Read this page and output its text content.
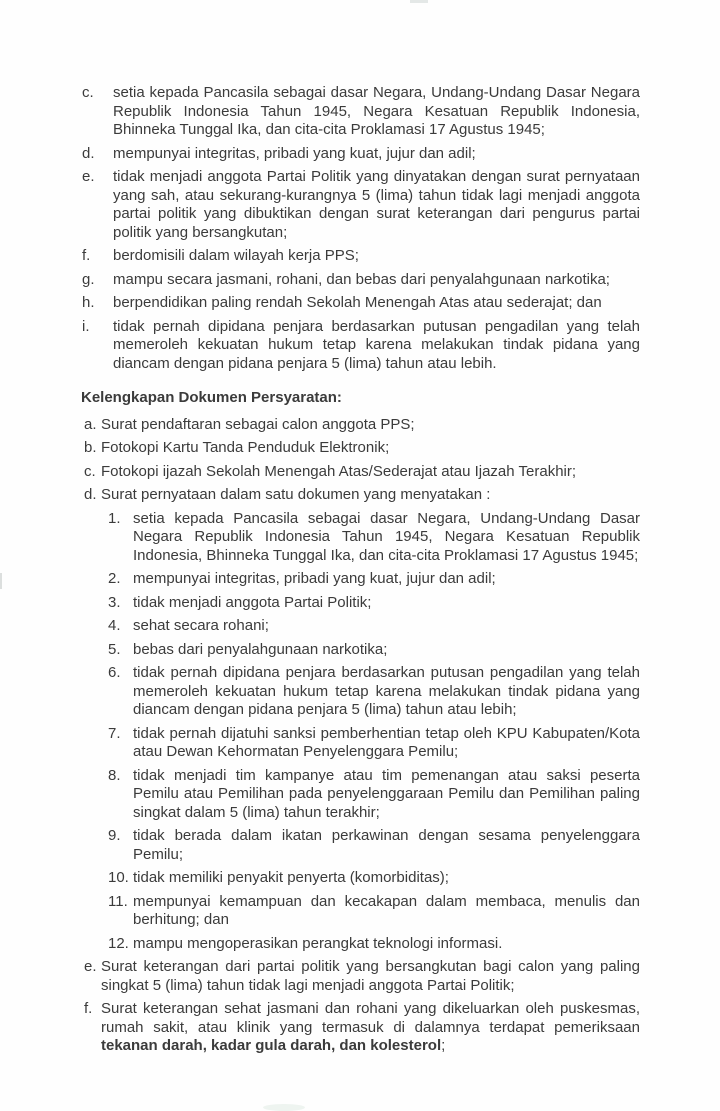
c.	setia kepada Pancasila sebagai dasar Negara, Undang-Undang Dasar Negara Republik Indonesia Tahun 1945, Negara Kesatuan Republik Indonesia, Bhinneka Tunggal Ika, dan cita-cita Proklamasi 17 Agustus 1945;
d.	mempunyai integritas, pribadi yang kuat, jujur dan adil;
e.	tidak menjadi anggota Partai Politik yang dinyatakan dengan surat pernyataan yang sah, atau sekurang-kurangnya 5 (lima) tahun tidak lagi menjadi anggota partai politik yang dibuktikan dengan surat keterangan dari pengurus partai politik yang bersangkutan;
f.	berdomisili dalam wilayah kerja PPS;
g.	mampu secara jasmani, rohani, dan bebas dari penyalahgunaan narkotika;
h.	berpendidikan paling rendah Sekolah Menengah Atas atau sederajat; dan
i.	tidak pernah dipidana penjara berdasarkan putusan pengadilan yang telah memeroleh kekuatan hukum tetap karena melakukan tindak pidana yang diancam dengan pidana penjara 5 (lima) tahun atau lebih.
Kelengkapan Dokumen Persyaratan:
a. Surat pendaftaran sebagai calon anggota PPS;
b. Fotokopi Kartu Tanda Penduduk Elektronik;
c. Fotokopi ijazah Sekolah Menengah Atas/Sederajat atau Ijazah Terakhir;
d. Surat pernyataan dalam satu dokumen yang menyatakan :
1. setia kepada Pancasila sebagai dasar Negara, Undang-Undang Dasar Negara Republik Indonesia Tahun 1945, Negara Kesatuan Republik Indonesia, Bhinneka Tunggal Ika, dan cita-cita Proklamasi 17 Agustus 1945;
2. mempunyai integritas, pribadi yang kuat, jujur dan adil;
3. tidak menjadi anggota Partai Politik;
4. sehat secara rohani;
5. bebas dari penyalahgunaan narkotika;
6. tidak pernah dipidana penjara berdasarkan putusan pengadilan yang telah memeroleh kekuatan hukum tetap karena melakukan tindak pidana yang diancam dengan pidana penjara 5 (lima) tahun atau lebih;
7. tidak pernah dijatuhi sanksi pemberhentian tetap oleh KPU Kabupaten/Kota atau Dewan Kehormatan Penyelenggara Pemilu;
8. tidak menjadi tim kampanye atau tim pemenangan atau saksi peserta Pemilu atau Pemilihan pada penyelenggaraan Pemilu dan Pemilihan paling singkat dalam 5 (lima) tahun terakhir;
9. tidak berada dalam ikatan perkawinan dengan sesama penyelenggara Pemilu;
10. tidak memiliki penyakit penyerta (komorbiditas);
11. mempunyai kemampuan dan kecakapan dalam membaca, menulis dan berhitung; dan
12. mampu mengoperasikan perangkat teknologi informasi.
e. Surat keterangan dari partai politik yang bersangkutan bagi calon yang paling singkat 5 (lima) tahun tidak lagi menjadi anggota Partai Politik;
f. Surat keterangan sehat jasmani dan rohani yang dikeluarkan oleh puskesmas, rumah sakit, atau klinik yang termasuk di dalamnya terdapat pemeriksaan tekanan darah, kadar gula darah, dan kolesterol;
